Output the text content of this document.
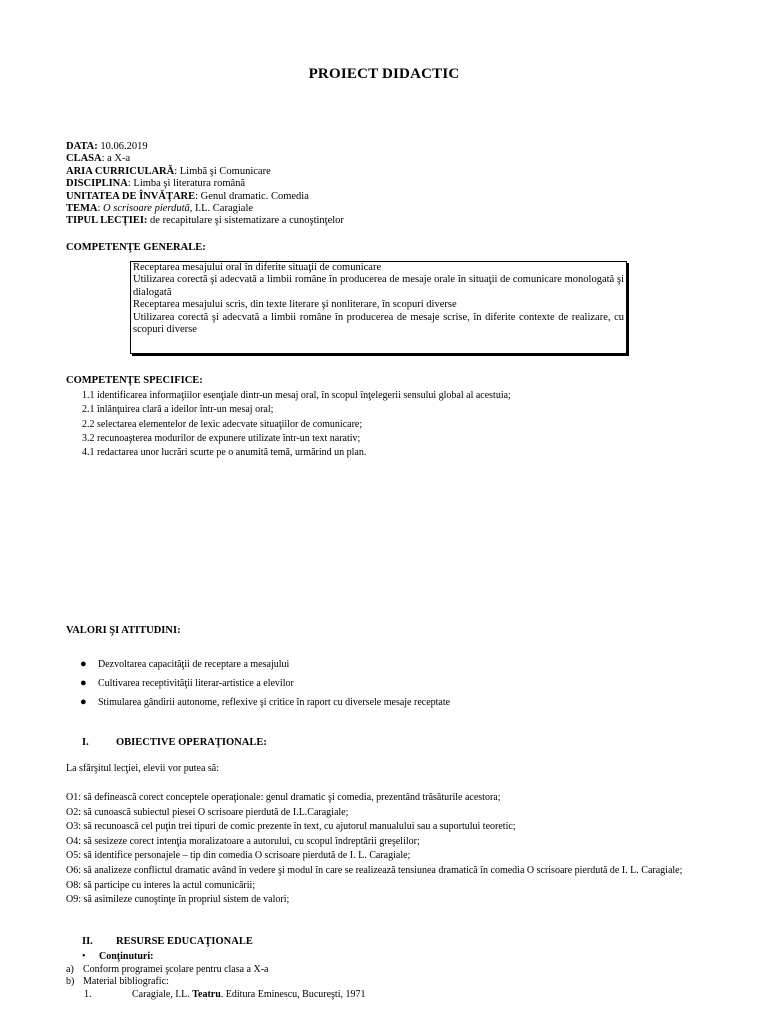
PROIECT DIDACTIC
DATA: 10.06.2019
CLASA: a X-a
ARIA CURRICULARĂ: Limbă şi Comunicare
DISCIPLINA: Limba şi literatura română
UNITATEA DE ÎNVĂŢARE: Genul dramatic. Comedia
TEMA: O scrisoare pierdută, I.L. Caragiale
TIPUL LECŢIEI: de recapitulare şi sistematizare a cunoştinţelor
COMPETENŢE GENERALE:
Receptarea mesajului oral în diferite situaţii de comunicare
Utilizarea corectă şi adecvată a limbii române în producerea de mesaje orale în situaţii de comunicare monologată şi dialogată
Receptarea mesajului scris, din texte literare şi nonliterare, în scopuri diverse
Utilizarea corectă şi adecvată a limbii române în producerea de mesaje scrise, în diferite contexte de realizare, cu scopuri diverse
COMPETENŢE SPECIFICE:
1.1 identificarea informaţiilor esenţiale dintr-un mesaj oral, în scopul înţelegerii sensului global al acestuia;
2.1 înlănţuirea clară a ideilor într-un mesaj oral;
2.2 selectarea elementelor de lexic adecvate situaţiilor de comunicare;
3.2 recunoaşterea modurilor de expunere utilizate într-un text narativ;
4.1 redactarea unor lucrări scurte pe o anumită temă, urmărind un plan.
VALORI ŞI ATITUDINI:
● Dezvoltarea capacităţii de receptare a mesajului
● Cultivarea receptivităţii literar-artistice a elevilor
● Stimularea gândirii autonome, reflexive şi critice în raport cu diversele mesaje receptate
I.	OBIECTIVE OPERAŢIONALE:
La sfârşitul lecţiei, elevii vor putea să:
O1: să definească corect conceptele operaţionale: genul dramatic şi comedia, prezentând trăsăturile acestora;
O2: să cunoască subiectul piesei O scrisoare pierdută de I.L.Caragiale;
O3: să recunoască cel puţin trei tipuri de comic prezente în text, cu ajutorul manualului sau a suportului teoretic;
O4: să sesizeze corect intenţia moralizatoare a autorului, cu scopul îndreptării greşelilor;
O5: să identifice personajele – tip din comedia O scrisoare pierdută de I. L. Caragiale;
O6: să analizeze conflictul dramatic având în vedere şi modul în care se realizează tensiunea dramatică în comedia O scrisoare pierdută de I. L. Caragiale;
O8: să participe cu interes la actul comunicării;
O9: să asimileze cunoştinţe în propriul sistem de valori;
II. RESURSE EDUCAŢIONALE
• Conţinuturi:
a) Conform programei şcolare pentru clasa a X-a
b) Material bibliografic:
1.	Caragiale, I.L. Teatru. Editura Eminescu, Bucureşti, 1971
